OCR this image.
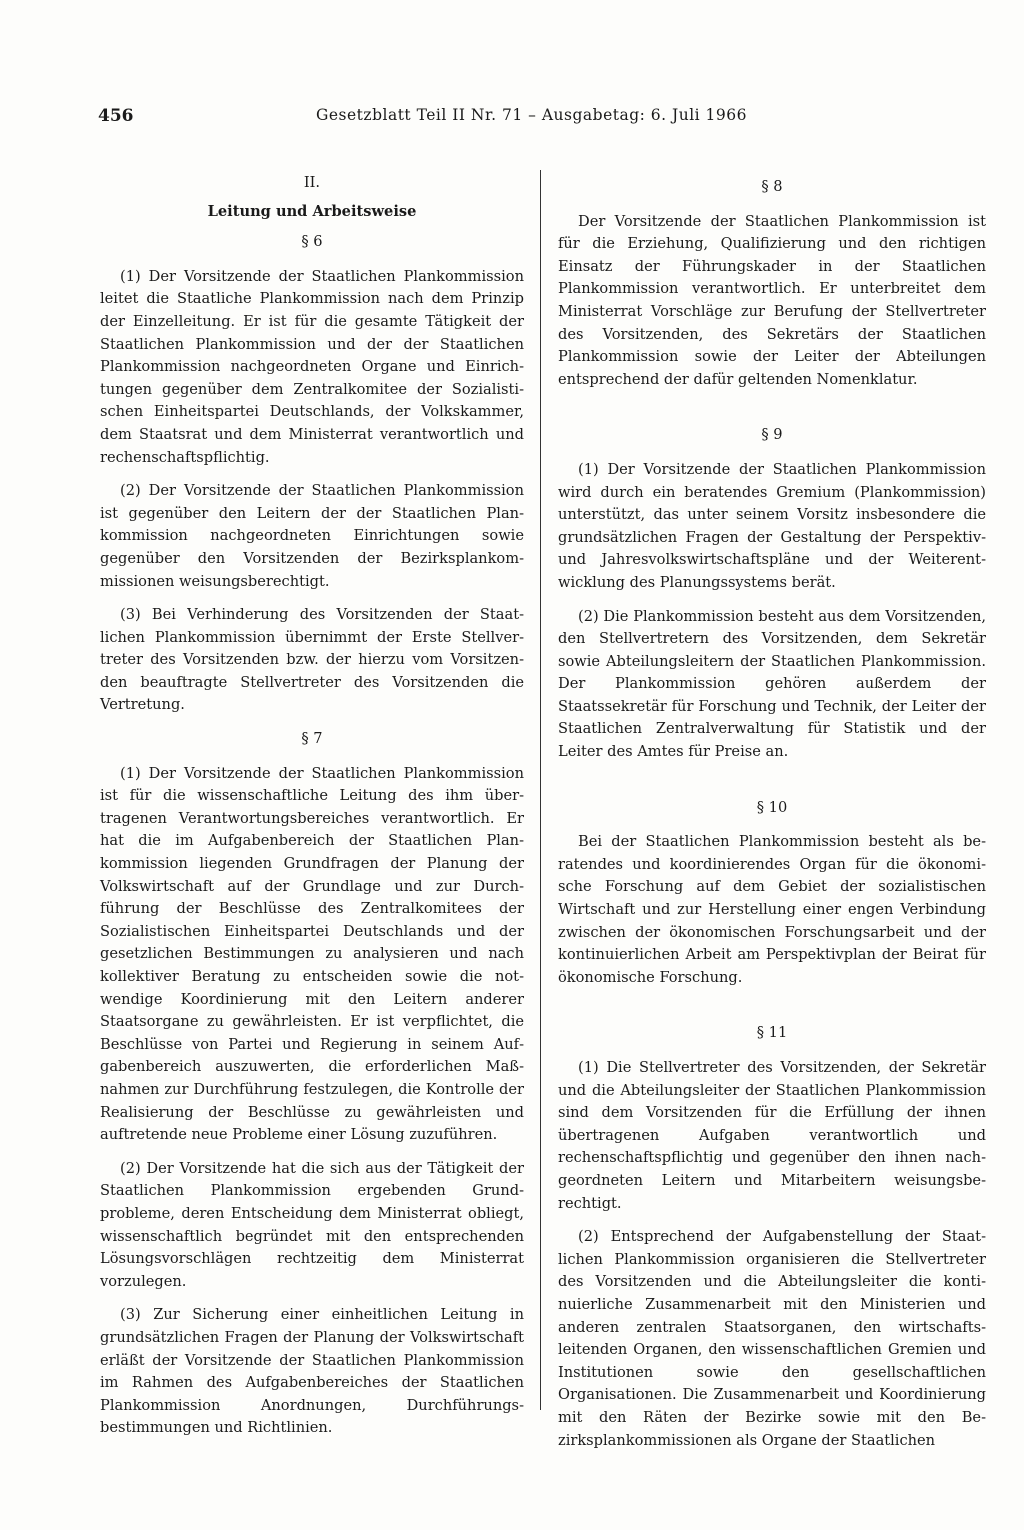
456	Gesetzblatt Teil II Nr. 71 – Ausgabetag: 6. Juli 1966

II.

Leitung und Arbeitsweise

§ 6

(1) Der Vorsitzende der Staatlichen Plankommission leitet die Staatliche Plankommission nach dem Prinzip der Einzelleitung. Er ist für die gesamte Tätigkeit der Staatlichen Plankommission und der der Staatlichen Plankommission nachgeordneten Organe und Einrichtungen gegenüber dem Zentralkomitee der Sozialistischen Einheitspartei Deutschlands, der Volkskammer, dem Staatsrat und dem Ministerrat verantwortlich und rechenschaftspflichtig.

(2) Der Vorsitzende der Staatlichen Plankommission ist gegenüber den Leitern der der Staatlichen Plankommission nachgeordneten Einrichtungen sowie gegenüber den Vorsitzenden der Bezirksplankommissionen weisungsberechtigt.

(3) Bei Verhinderung des Vorsitzenden der Staatlichen Plankommission übernimmt der Erste Stellvertreter des Vorsitzenden bzw. der hierzu vom Vorsitzenden beauftragte Stellvertreter des Vorsitzenden die Vertretung.

§ 7

(1) Der Vorsitzende der Staatlichen Plankommission ist für die wissenschaftliche Leitung des ihm übertragenen Verantwortungsbereiches verantwortlich. Er hat die im Aufgabenbereich der Staatlichen Plankommission liegenden Grundfragen der Planung der Volkswirtschaft auf der Grundlage und zur Durchführung der Beschlüsse des Zentralkomitees der Sozialistischen Einheitspartei Deutschlands und der gesetzlichen Bestimmungen zu analysieren und nach kollektiver Beratung zu entscheiden sowie die notwendige Koordinierung mit den Leitern anderer Staatsorgane zu gewährleisten. Er ist verpflichtet, die Beschlüsse von Partei und Regierung in seinem Aufgabenbereich auszuwerten, die erforderlichen Maßnahmen zur Durchführung festzulegen, die Kontrolle der Realisierung der Beschlüsse zu gewährleisten und auftretende neue Probleme einer Lösung zuzuführen.

(2) Der Vorsitzende hat die sich aus der Tätigkeit der Staatlichen Plankommission ergebenden Grundprobleme, deren Entscheidung dem Ministerrat obliegt, wissenschaftlich begründet mit den entsprechenden Lösungsvorschlägen rechtzeitig dem Ministerrat vorzulegen.

(3) Zur Sicherung einer einheitlichen Leitung in grundsätzlichen Fragen der Planung der Volkswirtschaft erläßt der Vorsitzende der Staatlichen Plankommission im Rahmen des Aufgabenbereiches der Staatlichen Plankommission Anordnungen, Durchführungsbestimmungen und Richtlinien.

§ 8

Der Vorsitzende der Staatlichen Plankommission ist für die Erziehung, Qualifizierung und den richtigen Einsatz der Führungskader in der Staatlichen Plankommission verantwortlich. Er unterbreitet dem Ministerrat Vorschläge zur Berufung der Stellvertreter des Vorsitzenden, des Sekretärs der Staatlichen Plankommission sowie der Leiter der Abteilungen entsprechend der dafür geltenden Nomenklatur.

§ 9

(1) Der Vorsitzende der Staatlichen Plankommission wird durch ein beratendes Gremium (Plankommission) unterstützt, das unter seinem Vorsitz insbesondere die grundsätzlichen Fragen der Gestaltung der Perspektiv- und Jahresvolkswirtschaftspläne und der Weiterentwicklung des Planungssystems berät.

(2) Die Plankommission besteht aus dem Vorsitzenden, den Stellvertretern des Vorsitzenden, dem Sekretär sowie Abteilungsleitern der Staatlichen Plankommission. Der Plankommission gehören außerdem der Staatssekretär für Forschung und Technik, der Leiter der Staatlichen Zentralverwaltung für Statistik und der Leiter des Amtes für Preise an.

§ 10

Bei der Staatlichen Plankommission besteht als beratendes und koordinierendes Organ für die ökonomische Forschung auf dem Gebiet der sozialistischen Wirtschaft und zur Herstellung einer engen Verbindung zwischen der ökonomischen Forschungsarbeit und der kontinuierlichen Arbeit am Perspektivplan der Beirat für ökonomische Forschung.

§ 11

(1) Die Stellvertreter des Vorsitzenden, der Sekretär und die Abteilungsleiter der Staatlichen Plankommission sind dem Vorsitzenden für die Erfüllung der ihnen übertragenen Aufgaben verantwortlich und rechenschaftspflichtig und gegenüber den ihnen nachgeordneten Leitern und Mitarbeitern weisungsberechtigt.

(2) Entsprechend der Aufgabenstellung der Staatlichen Plankommission organisieren die Stellvertreter des Vorsitzenden und die Abteilungsleiter die kontinuierliche Zusammenarbeit mit den Ministerien und anderen zentralen Staatsorganen, den wirtschaftsleitenden Organen, den wissenschaftlichen Gremien und Institutionen sowie den gesellschaftlichen Organisationen. Die Zusammenarbeit und Koordinierung mit den Räten der Bezirke sowie mit den Bezirksplankommissionen als Organe der Staatlichen
